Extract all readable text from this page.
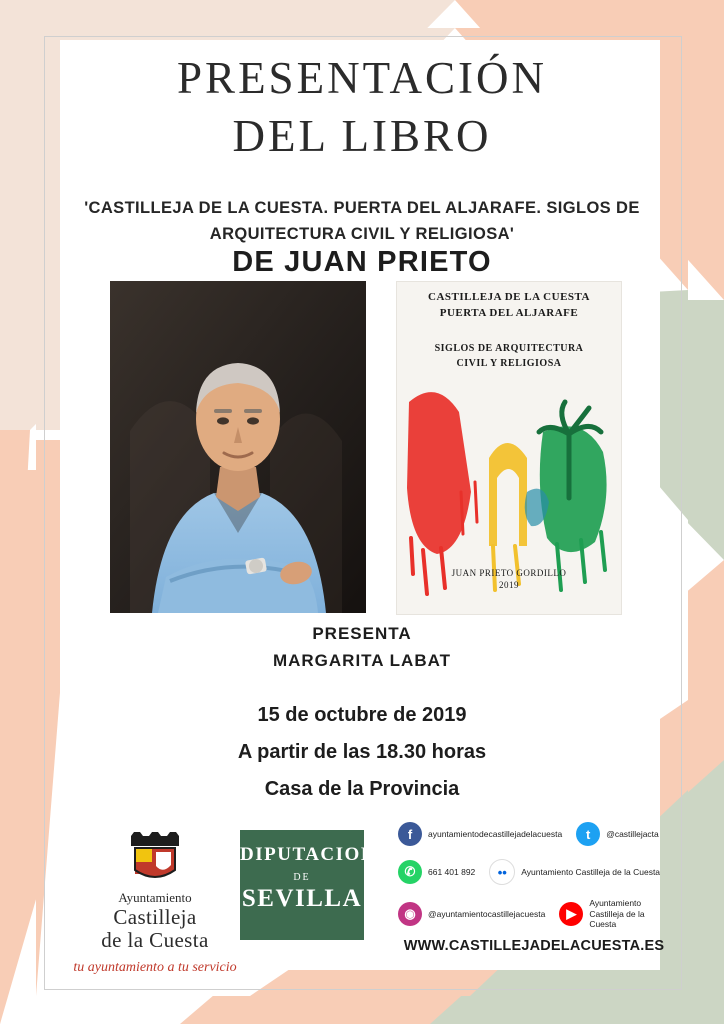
PRESENTACIÓN
DEL LIBRO
'CASTILLEJA DE LA CUESTA. PUERTA DEL ALJARAFE. SIGLOS DE
ARQUITECTURA CIVIL Y RELIGIOSA'
DE JUAN PRIETO
CASTILLEJA DE LA CUESTA
PUERTA DEL ALJARAFE
SIGLOS DE ARQUITECTURA
CIVIL Y RELIGIOSA
JUAN PRIETO GORDILLO
2019
PRESENTA
MARGARITA LABAT
15 de octubre de 2019
A partir de las 18.30 horas
Casa de la Provincia
Ayuntamiento
Castilleja
de la Cuesta
tu ayuntamiento a tu servicio
DIPUTACION
DE
SEVILLA
f	ayuntamientodecastillejadelacuesta	t	@castillejacta
✆	661 401 892	••	Ayuntamiento Castilleja de la Cuesta
◉	@ayuntamientocastillejacuesta	▶
Ayuntamiento
Castilleja de la Cuesta
WWW.CASTILLEJADELACUESTA.ES
